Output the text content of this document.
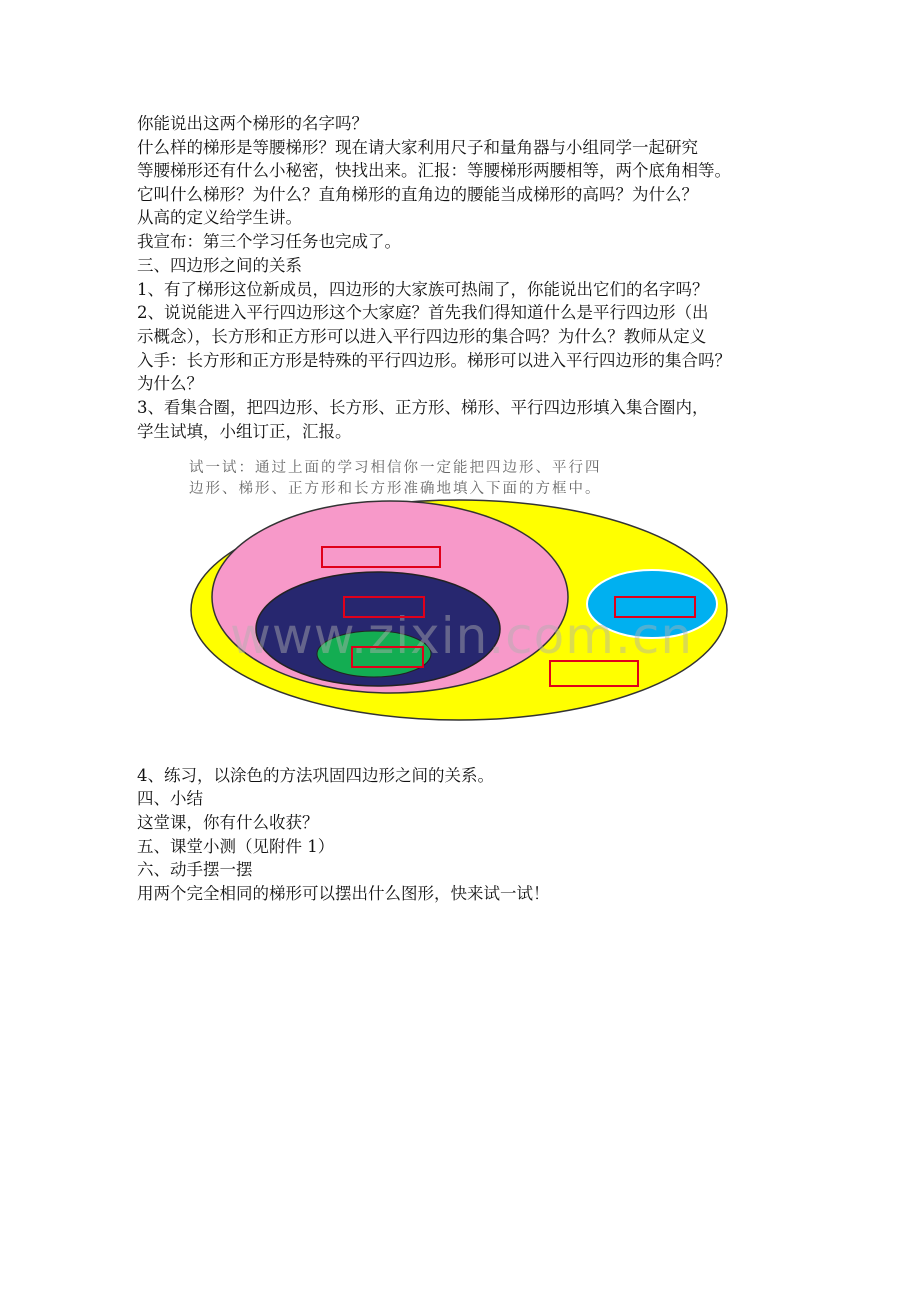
你能说出这两个梯形的名字吗？
什么样的梯形是等腰梯形？现在请大家利用尺子和量角器与小组同学一起研究
等腰梯形还有什么小秘密，快找出来。汇报：等腰梯形两腰相等，两个底角相等。
它叫什么梯形？为什么？直角梯形的直角边的腰能当成梯形的高吗？为什么？
从高的定义给学生讲。
我宣布：第三个学习任务也完成了。
三、四边形之间的关系
1、有了梯形这位新成员，四边形的大家族可热闹了，你能说出它们的名字吗？
2、说说能进入平行四边形这个大家庭？首先我们得知道什么是平行四边形（出
示概念），长方形和正方形可以进入平行四边形的集合吗？为什么？教师从定义
入手：长方形和正方形是特殊的平行四边形。梯形可以进入平行四边形的集合吗？
为什么？
3、看集合圈，把四边形、长方形、正方形、梯形、平行四边形填入集合圈内，
学生试填，小组订正，汇报。
试一试：通过上面的学习相信你一定能把四边形、平行四
边形、梯形、正方形和长方形准确地填入下面的方框中。
www.zixin.com.cn
4、练习，以涂色的方法巩固四边形之间的关系。
四、小结
这堂课，你有什么收获？
五、课堂小测（见附件 1）
六、动手摆一摆
用两个完全相同的梯形可以摆出什么图形，快来试一试！
